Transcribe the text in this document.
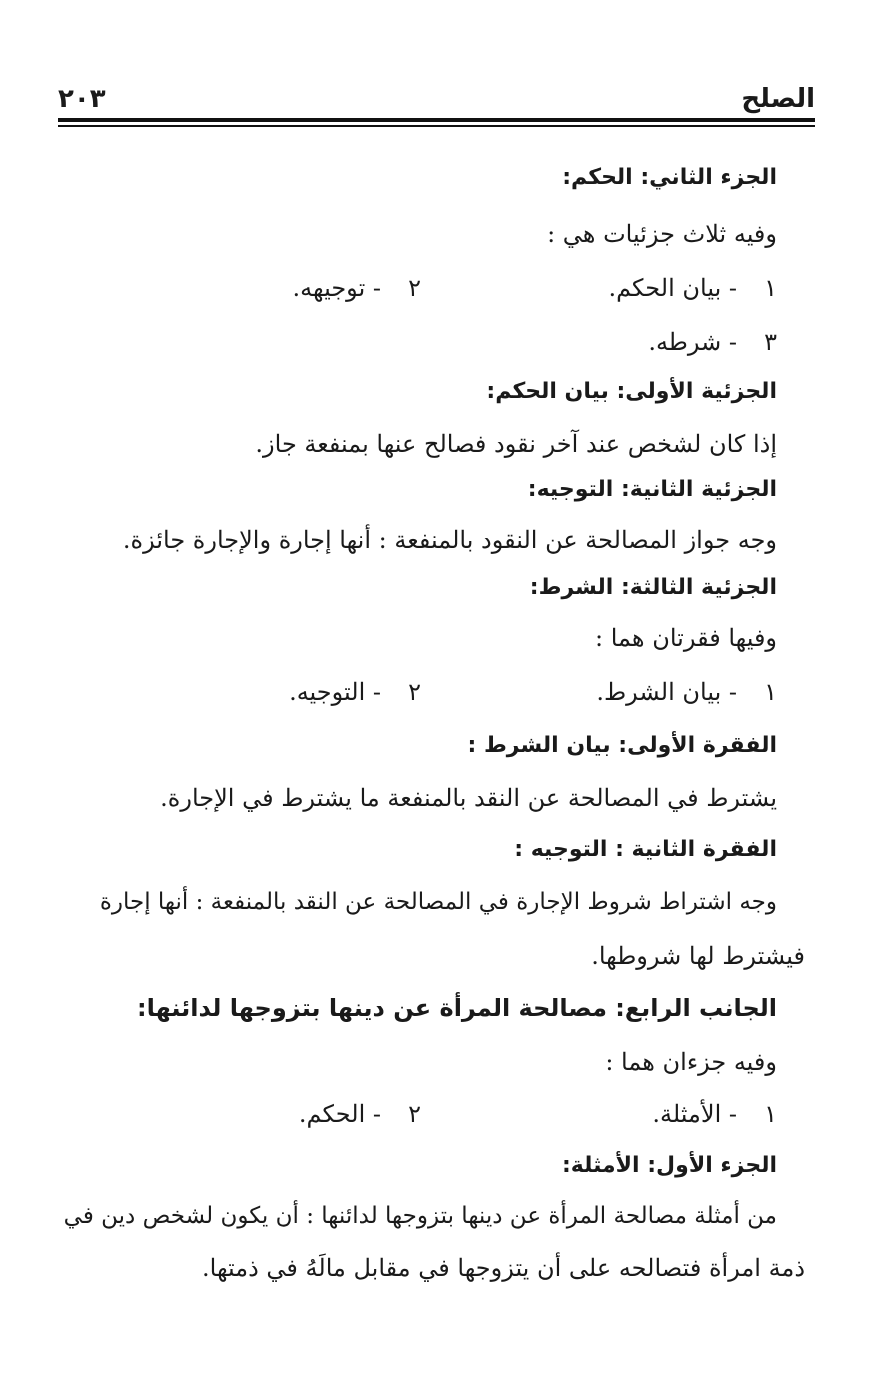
الصلح
٢٠٣
الجزء الثاني: الحكم:
وفيه ثلاث جزئيات هي :
١- بيان الحكم.
٢- توجيهه.
٣- شرطه.
الجزئية الأولى: بيان الحكم:
إذا كان لشخص عند آخر نقود فصالح عنها بمنفعة جاز.
الجزئية الثانية: التوجيه:
وجه جواز المصالحة عن النقود بالمنفعة : أنها إجارة والإجارة جائزة.
الجزئية الثالثة: الشرط:
وفيها فقرتان هما :
١- بيان الشرط.
٢- التوجيه.
الفقرة الأولى: بيان الشرط :
يشترط في المصالحة عن النقد بالمنفعة ما يشترط في الإجارة.
الفقرة الثانية : التوجيه :
وجه اشتراط شروط الإجارة في المصالحة عن النقد بالمنفعة : أنها إجارة
فيشترط لها شروطها.
الجانب الرابع: مصالحة المرأة عن دينها بتزوجها لدائنها:
وفيه جزءان هما :
١- الأمثلة.
٢- الحكم.
الجزء الأول: الأمثلة:
من أمثلة مصالحة المرأة عن دينها بتزوجها لدائنها : أن يكون لشخص دين في
ذمة امرأة فتصالحه على أن يتزوجها في مقابل مالَهُ في ذمتها.
